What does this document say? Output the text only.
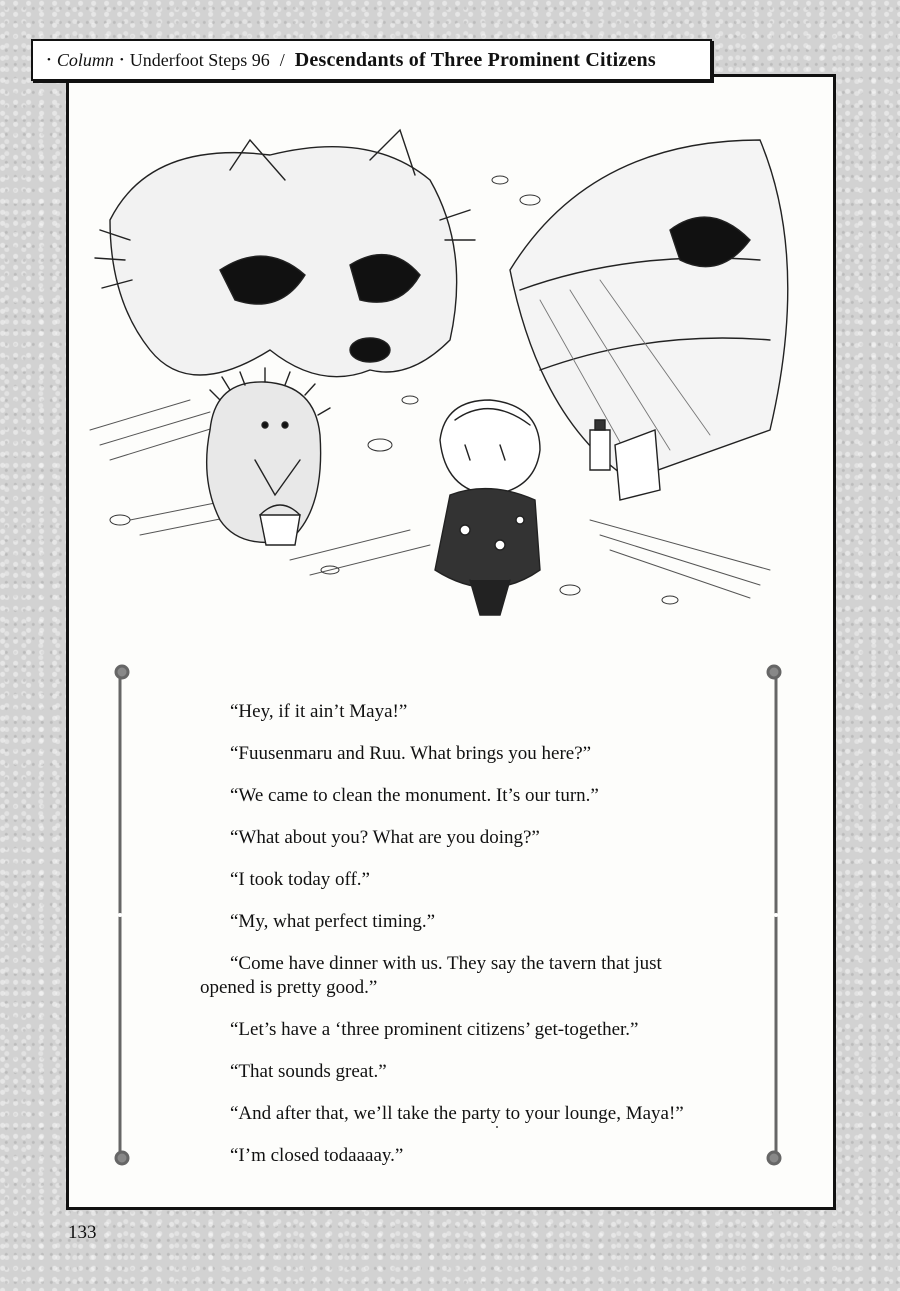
• Column • Underfoot Steps 96 / Descendants of Three Prominent Citizens

“Hey, if it ain’t Maya!”

“Fuusenmaru and Ruu. What brings you here?”

“We came to clean the monument. It’s our turn.”

“What about you? What are you doing?”

“I took today off.”

“My, what perfect timing.”

“Come have dinner with us. They say the tavern that just opened is pretty good.”

“Let’s have a ‘three prominent citizens’ get-together.”

“That sounds great.”

“And after that, we’ll take the party to your lounge, Maya!”

“I’m closed todaaaay.”

133
